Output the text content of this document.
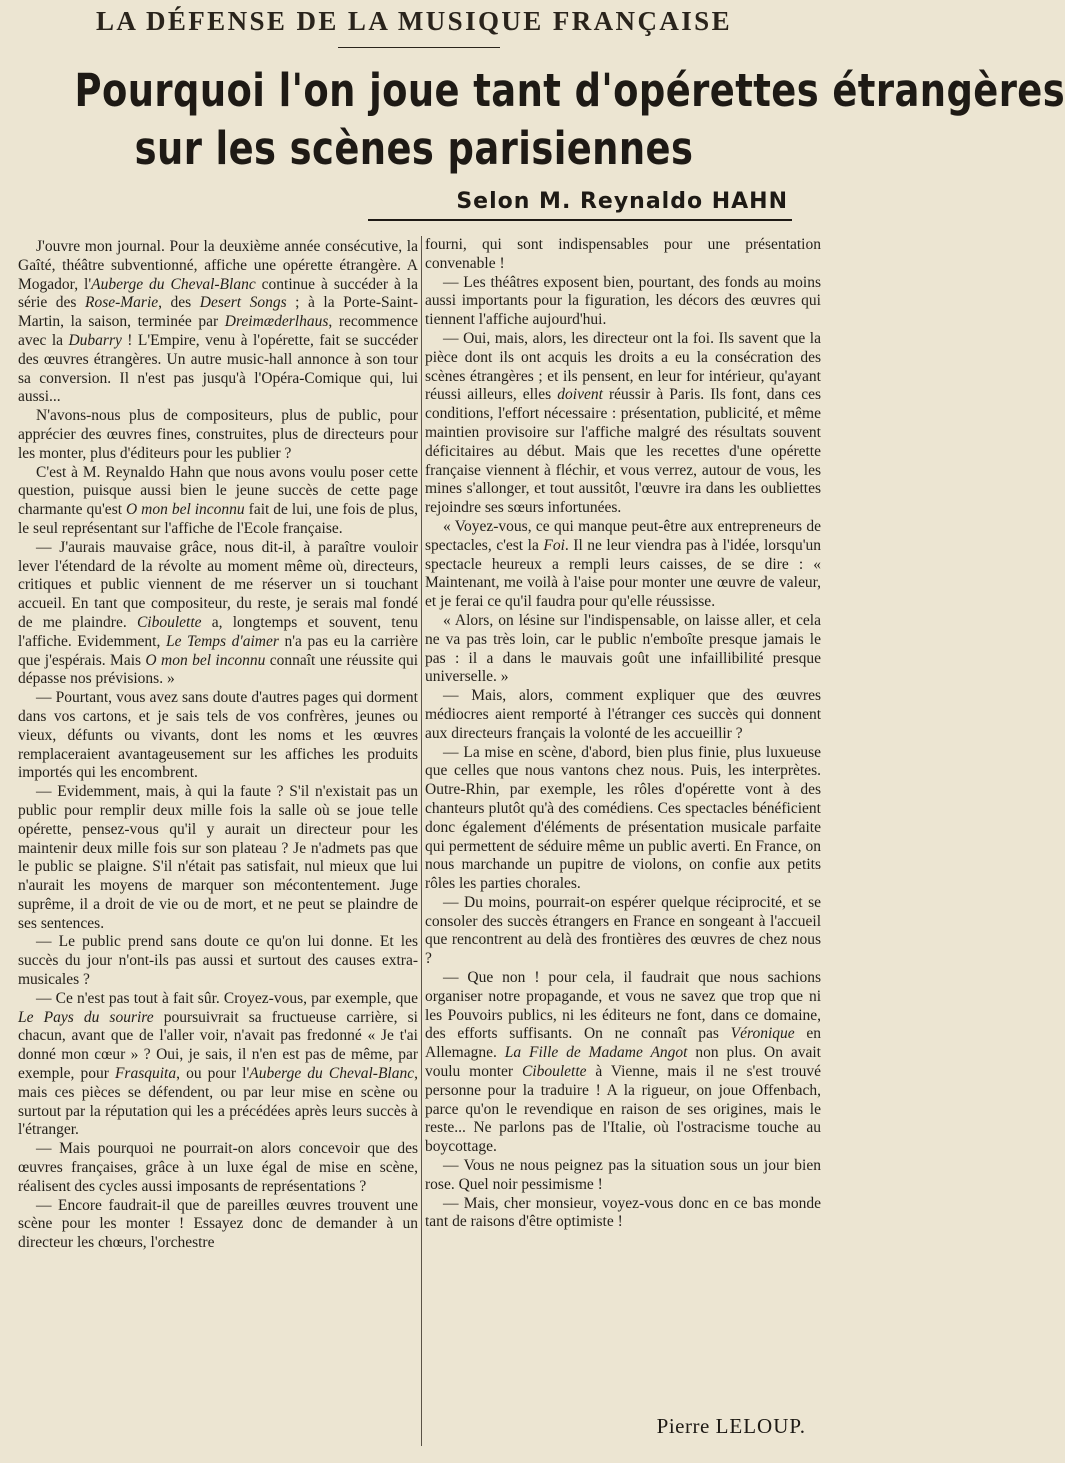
LA DÉFENSE DE LA MUSIQUE FRANÇAISE
Pourquoi l'on joue tant d'opérettes étrangères
sur les scènes parisiennes
Selon M. Reynaldo HAHN

J'ouvre mon journal. Pour la deuxième année consécutive, la Gaîté, théâtre subventionné, affiche une opérette étrangère. A Mogador, l'Auberge du Cheval-Blanc continue à succéder à la série des Rose-Marie, des Desert Songs ; à la Porte-Saint-Martin, la saison, terminée par Dreimæderlhaus, recommence avec la Dubarry ! L'Empire, venu à l'opérette, fait se succéder des œuvres étrangères. Un autre music-hall annonce à son tour sa conversion. Il n'est pas jusqu'à l'Opéra-Comique qui, lui aussi...

N'avons-nous plus de compositeurs, plus de public, pour apprécier des œuvres fines, construites, plus de directeurs pour les monter, plus d'éditeurs pour les publier ?

C'est à M. Reynaldo Hahn que nous avons voulu poser cette question, puisque aussi bien le jeune succès de cette page charmante qu'est O mon bel inconnu fait de lui, une fois de plus, le seul représentant sur l'affiche de l'Ecole française.

— J'aurais mauvaise grâce, nous dit-il, à paraître vouloir lever l'étendard de la révolte au moment même où, directeurs, critiques et public viennent de me réserver un si touchant accueil. En tant que compositeur, du reste, je serais mal fondé de me plaindre. Ciboulette a, longtemps et souvent, tenu l'affiche. Evidemment, Le Temps d'aimer n'a pas eu la carrière que j'espérais. Mais O mon bel inconnu connaît une réussite qui dépasse nos prévisions. »

— Pourtant, vous avez sans doute d'autres pages qui dorment dans vos cartons, et je sais tels de vos confrères, jeunes ou vieux, défunts ou vivants, dont les noms et les œuvres remplaceraient avantageusement sur les affiches les produits importés qui les encombrent.

— Evidemment, mais, à qui la faute ? S'il n'existait pas un public pour remplir deux mille fois la salle où se joue telle opérette, pensez-vous qu'il y aurait un directeur pour les maintenir deux mille fois sur son plateau ? Je n'admets pas que le public se plaigne. S'il n'était pas satisfait, nul mieux que lui n'aurait les moyens de marquer son mécontentement. Juge suprême, il a droit de vie ou de mort, et ne peut se plaindre de ses sentences.

— Le public prend sans doute ce qu'on lui donne. Et les succès du jour n'ont-ils pas aussi et surtout des causes extra-musicales ?

— Ce n'est pas tout à fait sûr. Croyez-vous, par exemple, que Le Pays du sourire poursuivrait sa fructueuse carrière, si chacun, avant que de l'aller voir, n'avait pas fredonné « Je t'ai donné mon cœur » ? Oui, je sais, il n'en est pas de même, par exemple, pour Frasquita, ou pour l'Auberge du Cheval-Blanc, mais ces pièces se défendent, ou par leur mise en scène ou surtout par la réputation qui les a précédées après leurs succès à l'étranger.

— Mais pourquoi ne pourrait-on alors concevoir que des œuvres françaises, grâce à un luxe égal de mise en scène, réalisent des cycles aussi imposants de représentations ?

— Encore faudrait-il que de pareilles œuvres trouvent une scène pour les monter ! Essayez donc de demander à un directeur les chœurs, l'orchestre

fourni, qui sont indispensables pour une présentation convenable !

— Les théâtres exposent bien, pourtant, des fonds au moins aussi importants pour la figuration, les décors des œuvres qui tiennent l'affiche aujourd'hui.

— Oui, mais, alors, les directeur ont la foi. Ils savent que la pièce dont ils ont acquis les droits a eu la consécration des scènes étrangères ; et ils pensent, en leur for intérieur, qu'ayant réussi ailleurs, elles doivent réussir à Paris. Ils font, dans ces conditions, l'effort nécessaire : présentation, publicité, et même maintien provisoire sur l'affiche malgré des résultats souvent déficitaires au début. Mais que les recettes d'une opérette française viennent à fléchir, et vous verrez, autour de vous, les mines s'allonger, et tout aussitôt, l'œuvre ira dans les oubliettes rejoindre ses sœurs infortunées.

« Voyez-vous, ce qui manque peut-être aux entrepreneurs de spectacles, c'est la Foi. Il ne leur viendra pas à l'idée, lorsqu'un spectacle heureux a rempli leurs caisses, de se dire : « Maintenant, me voilà à l'aise pour monter une œuvre de valeur, et je ferai ce qu'il faudra pour qu'elle réussisse.

« Alors, on lésine sur l'indispensable, on laisse aller, et cela ne va pas très loin, car le public n'emboîte presque jamais le pas : il a dans le mauvais goût une infaillibilité presque universelle. »

— Mais, alors, comment expliquer que des œuvres médiocres aient remporté à l'étranger ces succès qui donnent aux directeurs français la volonté de les accueillir ?

— La mise en scène, d'abord, bien plus finie, plus luxueuse que celles que nous vantons chez nous. Puis, les interprètes. Outre-Rhin, par exemple, les rôles d'opérette vont à des chanteurs plutôt qu'à des comédiens. Ces spectacles bénéficient donc également d'éléments de présentation musicale parfaite qui permettent de séduire même un public averti. En France, on nous marchande un pupitre de violons, on confie aux petits rôles les parties chorales.

— Du moins, pourrait-on espérer quelque réciprocité, et se consoler des succès étrangers en France en songeant à l'accueil que rencontrent au delà des frontières des œuvres de chez nous ?

— Que non ! pour cela, il faudrait que nous sachions organiser notre propagande, et vous ne savez que trop que ni les Pouvoirs publics, ni les éditeurs ne font, dans ce domaine, des efforts suffisants. On ne connaît pas Véronique en Allemagne. La Fille de Madame Angot non plus. On avait voulu monter Ciboulette à Vienne, mais il ne s'est trouvé personne pour la traduire ! A la rigueur, on joue Offenbach, parce qu'on le revendique en raison de ses origines, mais le reste... Ne parlons pas de l'Italie, où l'ostracisme touche au boycottage.

— Vous ne nous peignez pas la situation sous un jour bien rose. Quel noir pessimisme !

— Mais, cher monsieur, voyez-vous donc en ce bas monde tant de raisons d'être optimiste !

Pierre LELOUP.
